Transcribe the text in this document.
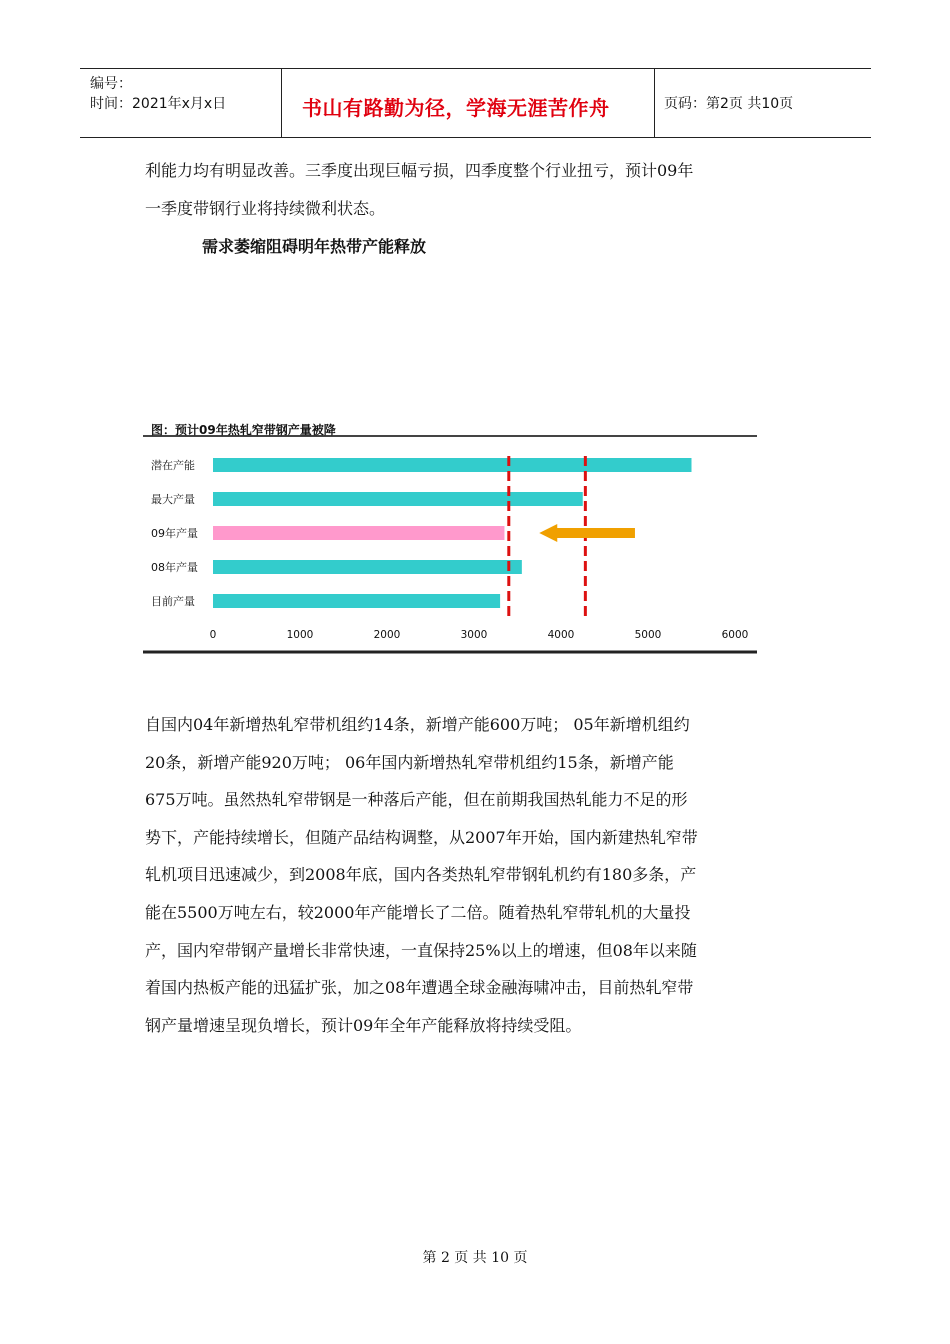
编号：
时间：2021年x月x日	书山有路勤为径，学海无涯苦作舟	页码：第2页 共10页
利能力均有明显改善。三季度出现巨幅亏损，四季度整个行业扭亏，预计09年
一季度带钢行业将持续微利状态。
需求萎缩阻碍明年热带产能释放
潜在产能
最大产量
09年产量
08年产量
目前产量
0	1000	2000	3000	4000	5000	6000
图：预计09年热轧窄带钢产量被降
自国内04年新增热轧窄带机组约14条，新增产能600万吨； 05年新增机组约
20条，新增产能920万吨； 06年国内新增热轧窄带机组约15条，新增产能
675万吨。虽然热轧窄带钢是一种落后产能，但在前期我国热轧能力不足的形
势下，产能持续增长，但随产品结构调整，从2007年开始，国内新建热轧窄带
轧机项目迅速减少，到2008年底，国内各类热轧窄带钢轧机约有180多条，产
能在5500万吨左右，较2000年产能增长了二倍。随着热轧窄带轧机的大量投
产，国内窄带钢产量增长非常快速，一直保持25%以上的增速，但08年以来随
着国内热板产能的迅猛扩张，加之08年遭遇全球金融海啸冲击，目前热轧窄带
钢产量增速呈现负增长，预计09年全年产能释放将持续受阻。
第 2 页 共 10 页
